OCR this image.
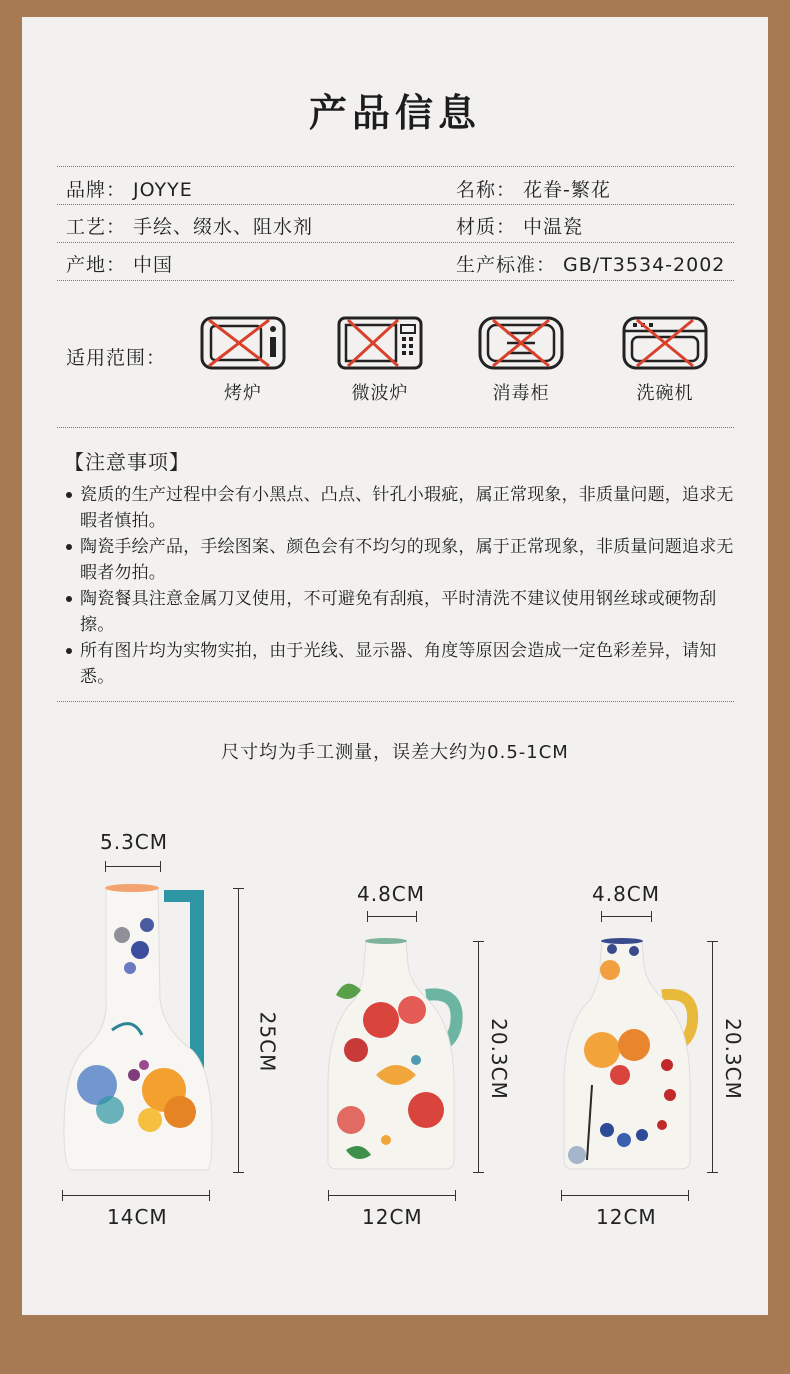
产品信息
品牌： JOYYE	名称： 花眷-繁花
工艺： 手绘、缀水、阻水剂	材质： 中温瓷
产地： 中国	生产标准： GB/T3534-2002
适用范围：
烤炉	微波炉	消毒柜	洗碗机
【注意事项】
瓷质的生产过程中会有小黑点、凸点、针孔小瑕疵，属正常现象，非质量问题，追求无暇者慎拍。
陶瓷手绘产品，手绘图案、颜色会有不均匀的现象，属于正常现象，非质量问题追求无暇者勿拍。
陶瓷餐具注意金属刀叉使用，不可避免有刮痕，平时清洗不建议使用钢丝球或硬物刮擦。
所有图片均为实物实拍，由于光线、显示器、角度等原因会造成一定色彩差异，请知悉。
尺寸均为手工测量，误差大约为0.5-1CM
5.3CM
25CM
14CM
4.8CM
20.3CM
12CM
4.8CM
20.3CM
12CM
